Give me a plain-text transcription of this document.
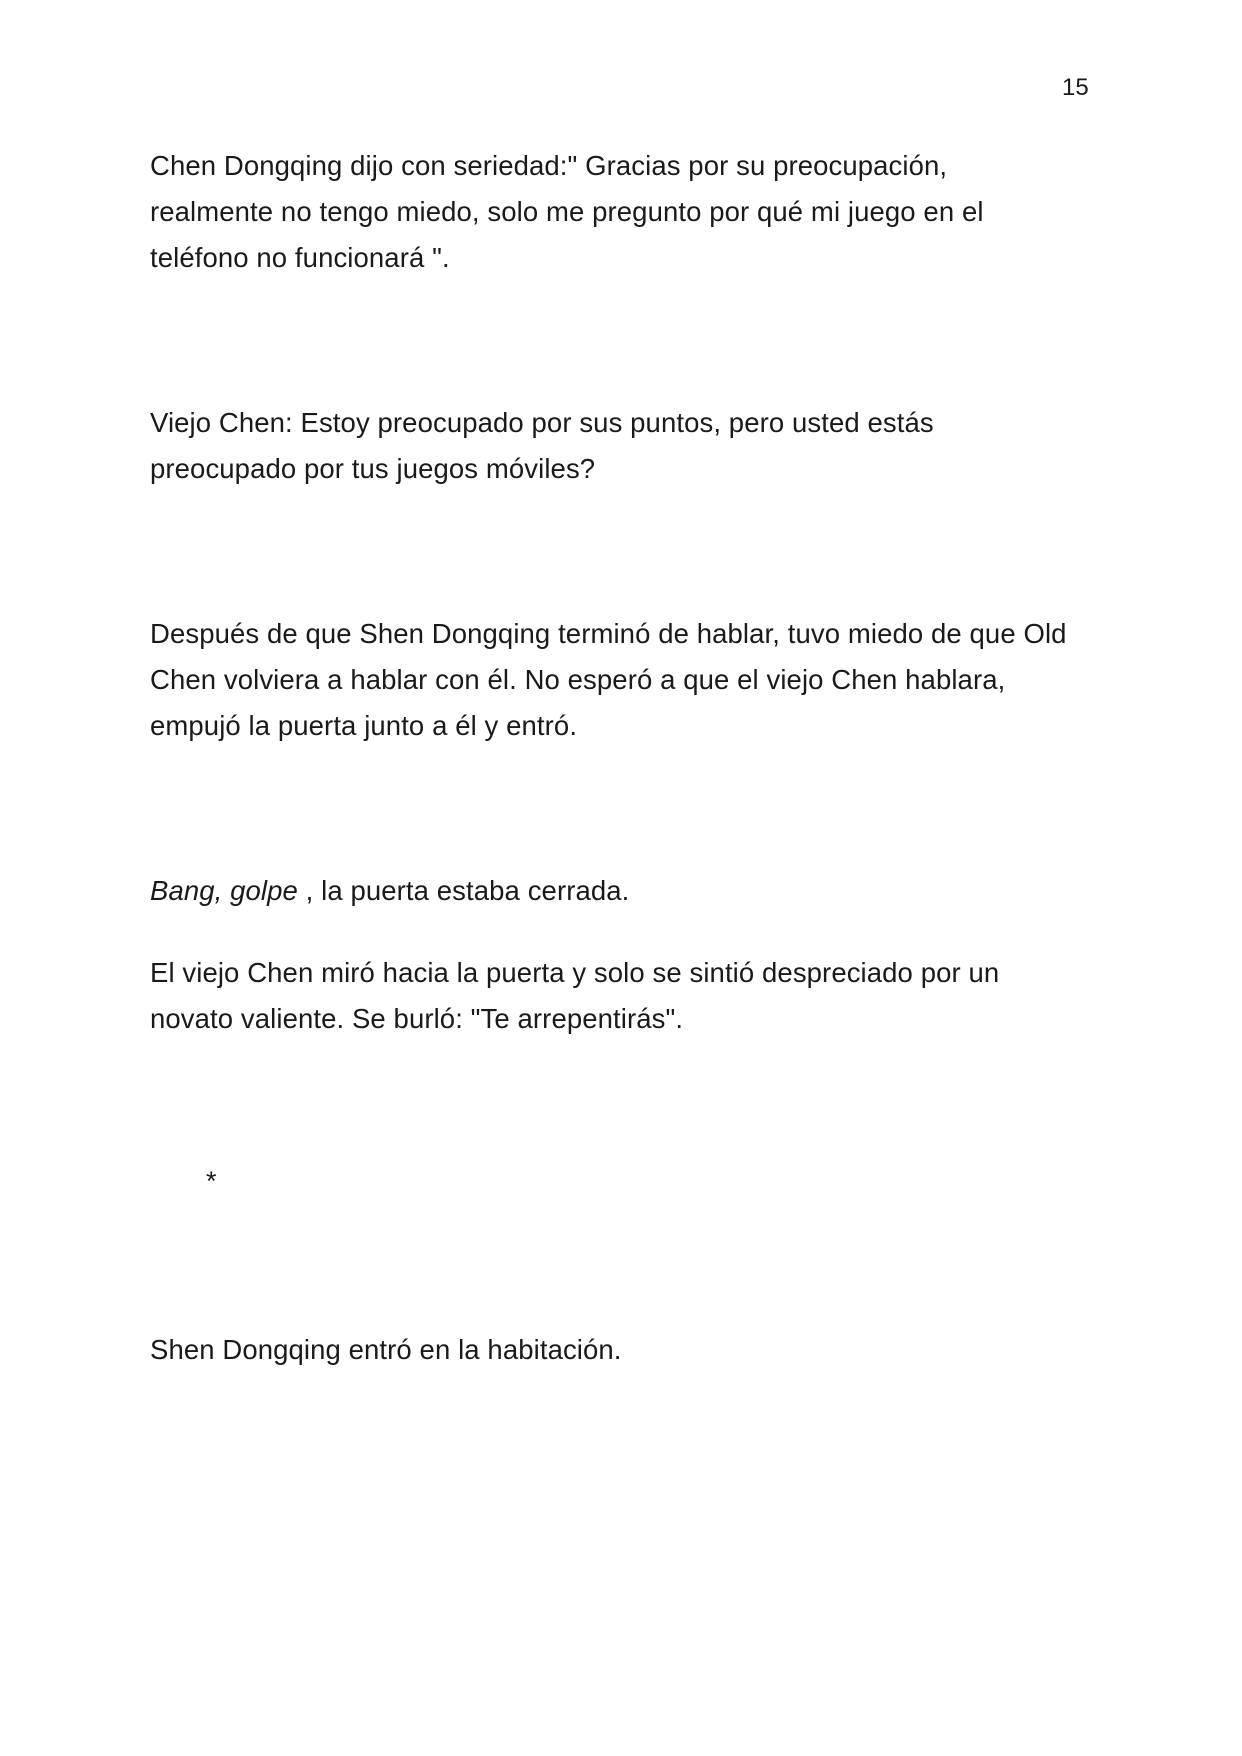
15

Chen Dongqing dijo con seriedad:" Gracias por su preocupación,
realmente no tengo miedo, solo me pregunto por qué mi juego en el
teléfono no funcionará ".

Viejo Chen: Estoy preocupado por sus puntos, pero usted estás
preocupado por tus juegos móviles?

Después de que Shen Dongqing terminó de hablar, tuvo miedo de que Old
Chen volviera a hablar con él. No esperó a que el viejo Chen hablara,
empujó la puerta junto a él y entró.

Bang, golpe , la puerta estaba cerrada.

El viejo Chen miró hacia la puerta y solo se sintió despreciado por un
novato valiente. Se burló: "Te arrepentirás".

*

Shen Dongqing entró en la habitación.
